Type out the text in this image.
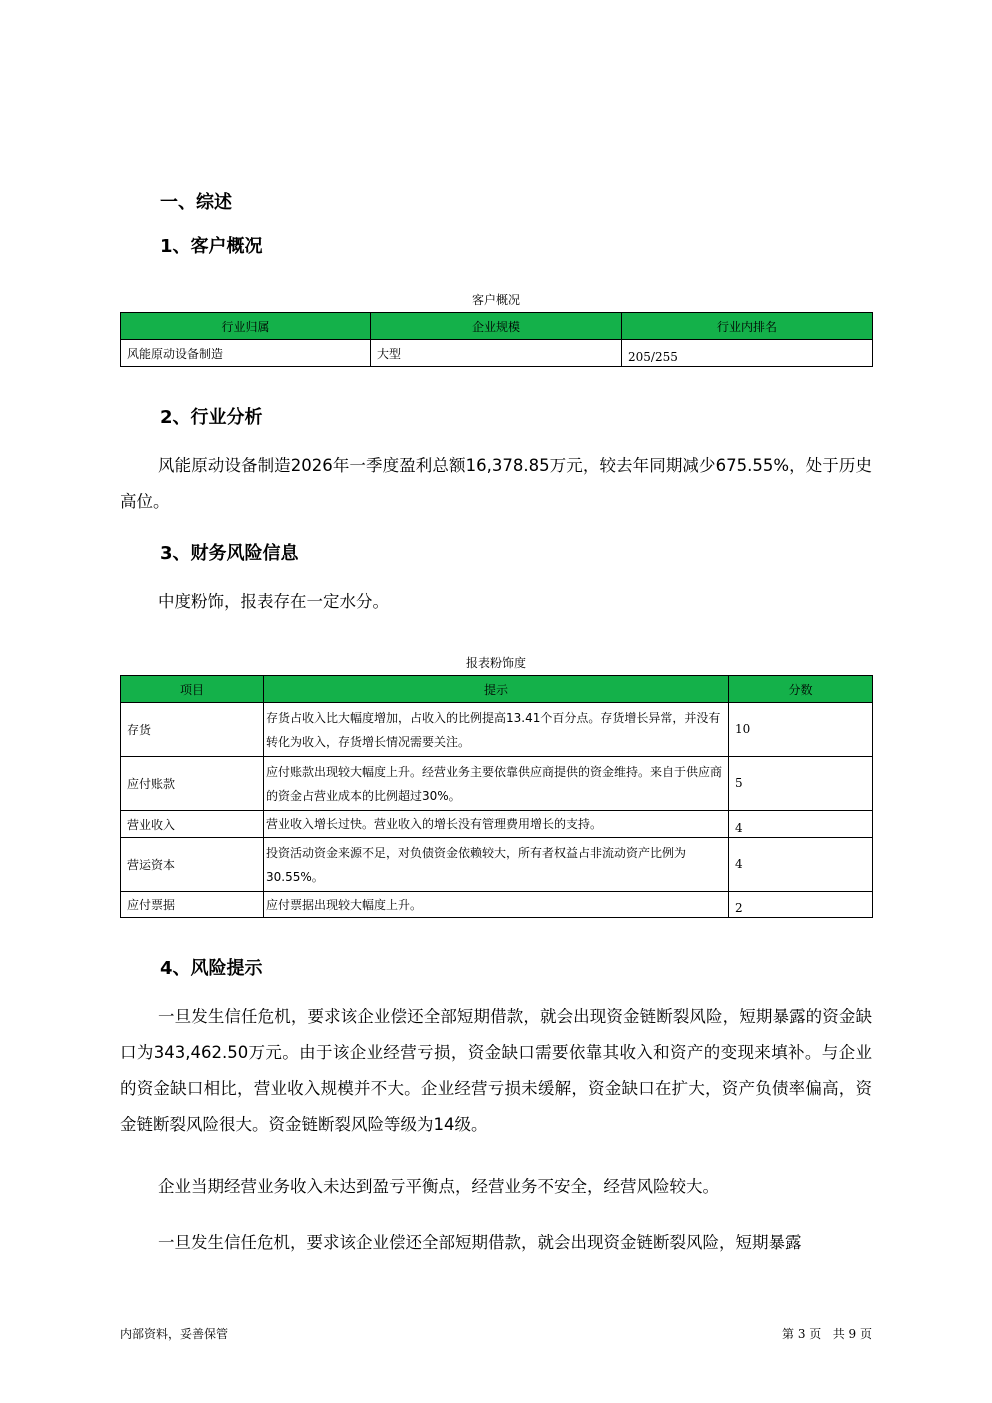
一、综述
1、客户概况
客户概况
行业归属	企业规模	行业内排名
风能原动设备制造	大型	205/255
2、行业分析

风能原动设备制造2026年一季度盈利总额16,378.85万元，较去年同期减少675.55%，处于历史高位。

3、财务风险信息

中度粉饰，报表存在一定水分。

报表粉饰度
项目	提示	分数
存货	存货占收入比大幅度增加，占收入的比例提高13.41个百分点。存货增长异常，并没有转化为收入，存货增长情况需要关注。	10
应付账款	应付账款出现较大幅度上升。经营业务主要依靠供应商提供的资金维持。来自于供应商的资金占营业成本的比例超过30%。	5
营业收入	营业收入增长过快。营业收入的增长没有管理费用增长的支持。	4
营运资本	投资活动资金来源不足，对负债资金依赖较大，所有者权益占非流动资产比例为30.55%。	4
应付票据	应付票据出现较大幅度上升。	2
4、风险提示

一旦发生信任危机，要求该企业偿还全部短期借款，就会出现资金链断裂风险，短期暴露的资金缺口为343,462.50万元。由于该企业经营亏损，资金缺口需要依靠其收入和资产的变现来填补。与企业的资金缺口相比，营业收入规模并不大。企业经营亏损未缓解，资金缺口在扩大，资产负债率偏高，资金链断裂风险很大。资金链断裂风险等级为14级。

企业当期经营业务收入未达到盈亏平衡点，经营业务不安全，经营风险较大。

一旦发生信任危机，要求该企业偿还全部短期借款，就会出现资金链断裂风险，短期暴露

内部资料，妥善保管	第 3 页   共 9 页
